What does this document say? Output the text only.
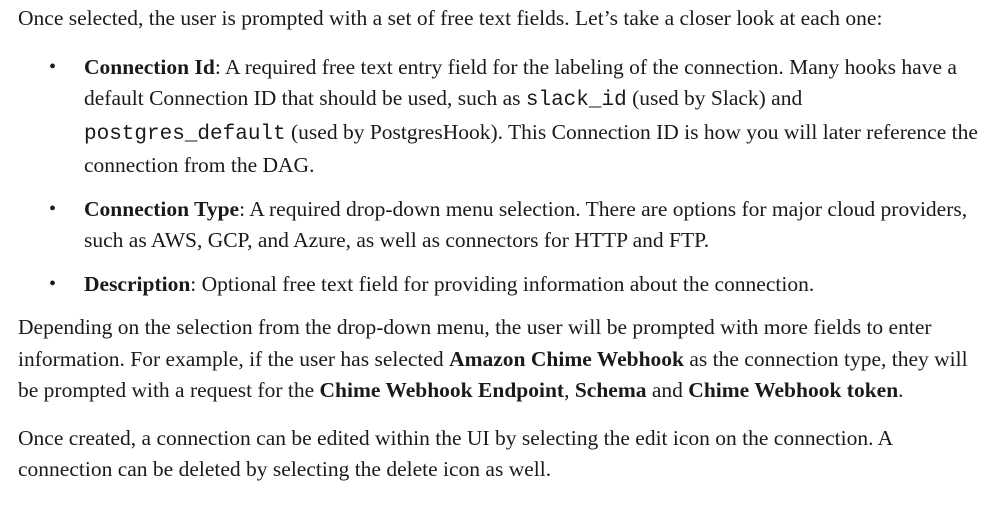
Once selected, the user is prompted with a set of free text fields. Let’s take a closer look at each one:

• Connection Id: A required free text entry field for the labeling of the connection. Many hooks have a default Connection ID that should be used, such as slack_id (used by Slack) and postgres_default (used by PostgresHook). This Connection ID is how you will later reference the connection from the DAG.
• Connection Type: A required drop-down menu selection. There are options for major cloud providers, such as AWS, GCP, and Azure, as well as connectors for HTTP and FTP.
• Description: Optional free text field for providing information about the connection.

Depending on the selection from the drop-down menu, the user will be prompted with more fields to enter information. For example, if the user has selected Amazon Chime Webhook as the connection type, they will be prompted with a request for the Chime Webhook Endpoint, Schema and Chime Webhook token.

Once created, a connection can be edited within the UI by selecting the edit icon on the connection. A connection can be deleted by selecting the delete icon as well.
